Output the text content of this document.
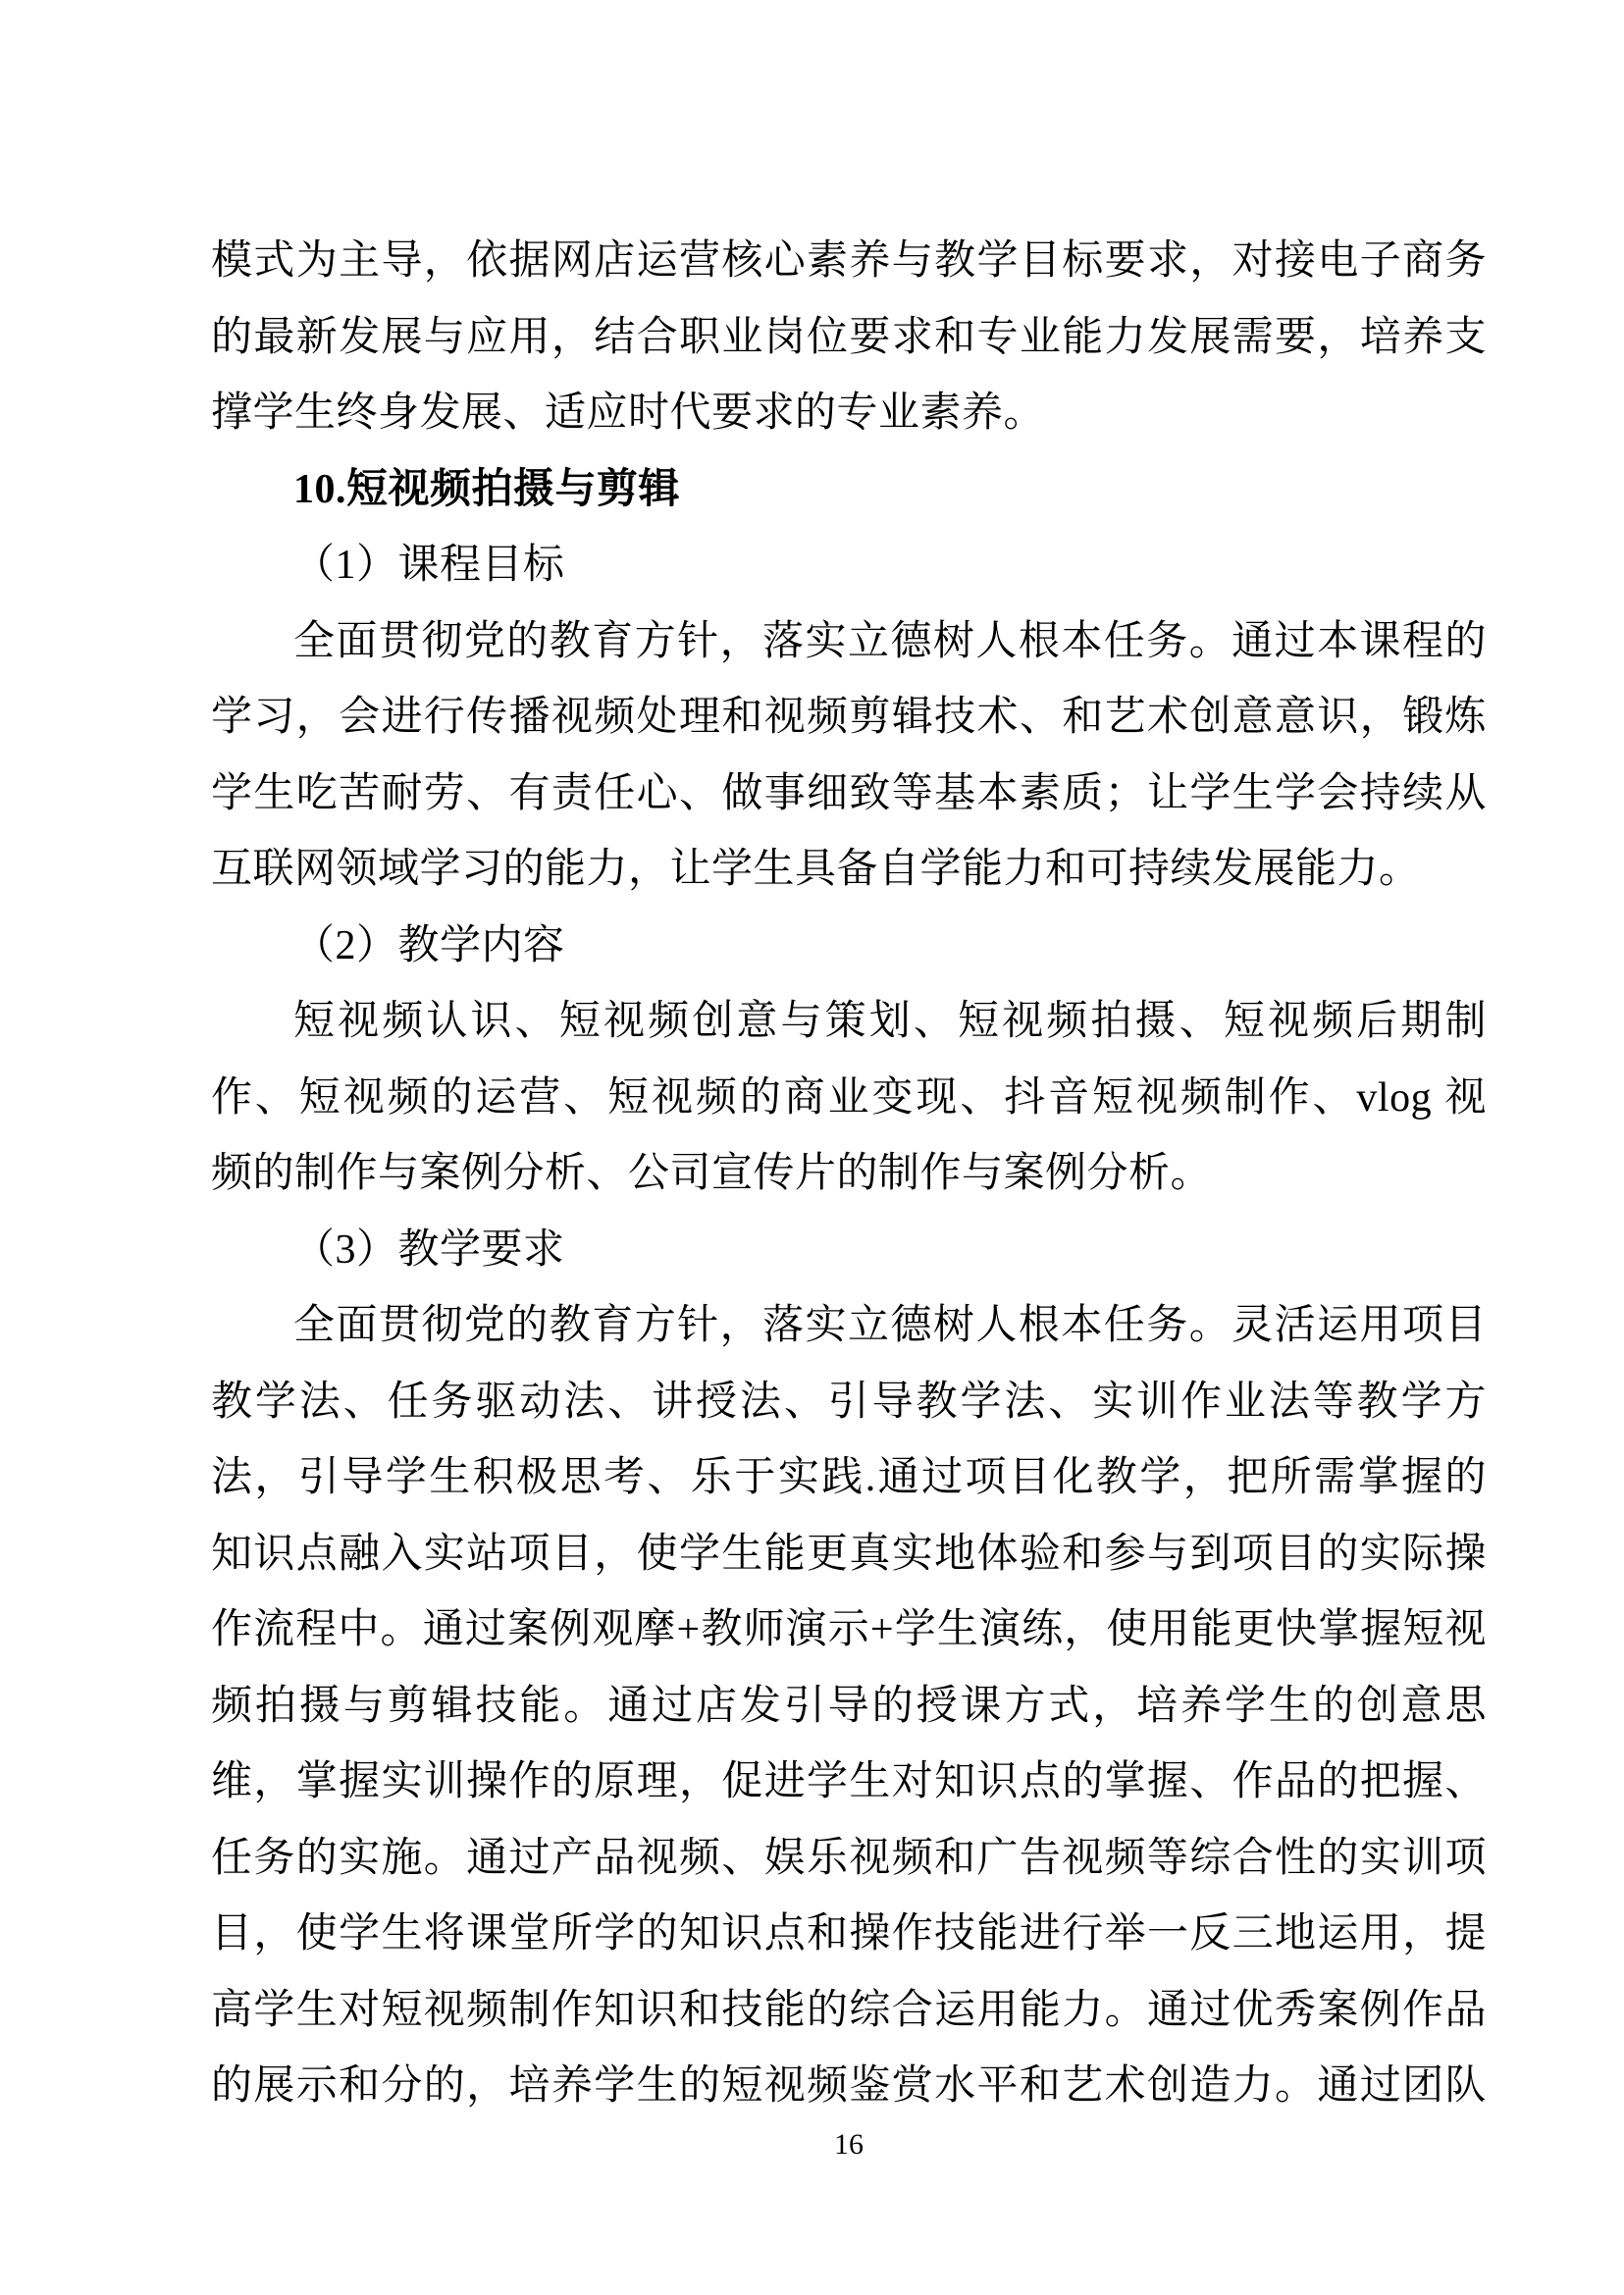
模式为主导，依据网店运营核心素养与教学目标要求，对接电子商务
的最新发展与应用，结合职业岗位要求和专业能力发展需要，培养支
撑学生终身发展、适应时代要求的专业素养。
10.短视频拍摄与剪辑
（1）课程目标
全面贯彻党的教育方针，落实立德树人根本任务。通过本课程的
学习，会进行传播视频处理和视频剪辑技术、和艺术创意意识，锻炼
学生吃苦耐劳、有责任心、做事细致等基本素质；让学生学会持续从
互联网领域学习的能力，让学生具备自学能力和可持续发展能力。
（2）教学内容
短视频认识、短视频创意与策划、短视频拍摄、短视频后期制
作、短视频的运营、短视频的商业变现、抖音短视频制作、vlog 视
频的制作与案例分析、公司宣传片的制作与案例分析。
（3）教学要求
全面贯彻党的教育方针，落实立德树人根本任务。灵活运用项目
教学法、任务驱动法、讲授法、引导教学法、实训作业法等教学方
法，引导学生积极思考、乐于实践.通过项目化教学，把所需掌握的
知识点融入实站项目，使学生能更真实地体验和参与到项目的实际操
作流程中。通过案例观摩+教师演示+学生演练，使用能更快掌握短视
频拍摄与剪辑技能。通过店发引导的授课方式，培养学生的创意思
维，掌握实训操作的原理，促进学生对知识点的掌握、作品的把握、
任务的实施。通过产品视频、娱乐视频和广告视频等综合性的实训项
目，使学生将课堂所学的知识点和操作技能进行举一反三地运用，提
高学生对短视频制作知识和技能的综合运用能力。通过优秀案例作品
的展示和分的，培养学生的短视频鉴赏水平和艺术创造力。通过团队
16
